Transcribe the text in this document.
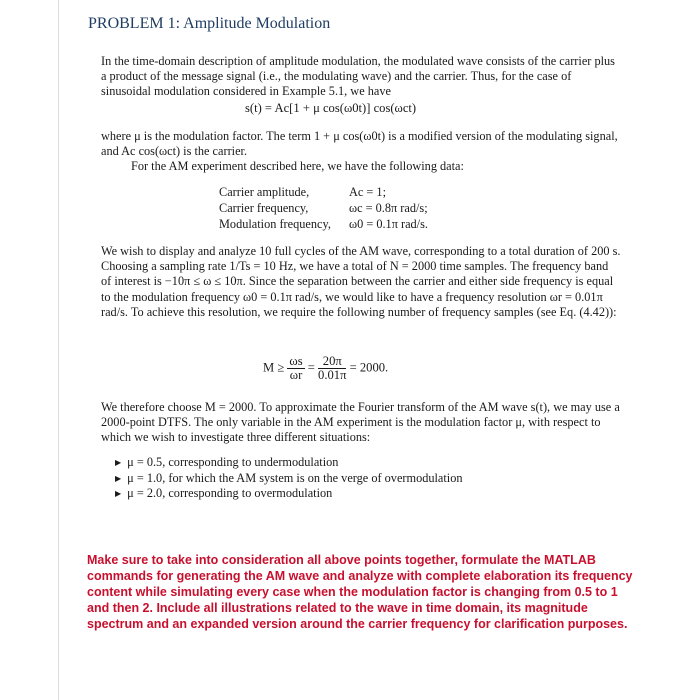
PROBLEM 1: Amplitude Modulation
In the time-domain description of amplitude modulation, the modulated wave consists of the carrier plus a product of the message signal (i.e., the modulating wave) and the carrier. Thus, for the case of sinusoidal modulation considered in Example 5.1, we have
s(t) = Ac[1 + μ cos(ω0t)] cos(ωct)
where μ is the modulation factor. The term 1 + μ cos(ω0t) is a modified version of the modulating signal, and Ac cos(ωct) is the carrier.
For the AM experiment described here, we have the following data:
Carrier amplitude,	Ac = 1;
Carrier frequency,	ωc = 0.8π rad/s;
Modulation frequency,	ω0 = 0.1π rad/s.
We wish to display and analyze 10 full cycles of the AM wave, corresponding to a total duration of 200 s. Choosing a sampling rate 1/Ts = 10 Hz, we have a total of N = 2000 time samples. The frequency band of interest is −10π ≤ ω ≤ 10π. Since the separation between the carrier and either side frequency is equal to the modulation frequency ω0 = 0.1π rad/s, we would like to have a frequency resolution ωr = 0.01π rad/s. To achieve this resolution, we require the following number of frequency samples (see Eq. (4.42)):
$M \ge \frac{\omega s}{\omega r} = \frac{20\pi}{0.01\pi} = 2000$.
We therefore choose M = 2000. To approximate the Fourier transform of the AM wave s(t), we may use a 2000-point DTFS. The only variable in the AM experiment is the modulation factor μ, with respect to which we wish to investigate three different situations:
▶ μ = 0.5, corresponding to undermodulation
▶ μ = 1.0, for which the AM system is on the verge of overmodulation
▶ μ = 2.0, corresponding to overmodulation
Make sure to take into consideration all above points together, formulate the MATLAB commands for generating the AM wave and analyze with complete elaboration its frequency content while simulating every case when the modulation factor is changing from 0.5 to 1 and then 2. Include all illustrations related to the wave in time domain, its magnitude spectrum and an expanded version around the carrier frequency for clarification purposes.
